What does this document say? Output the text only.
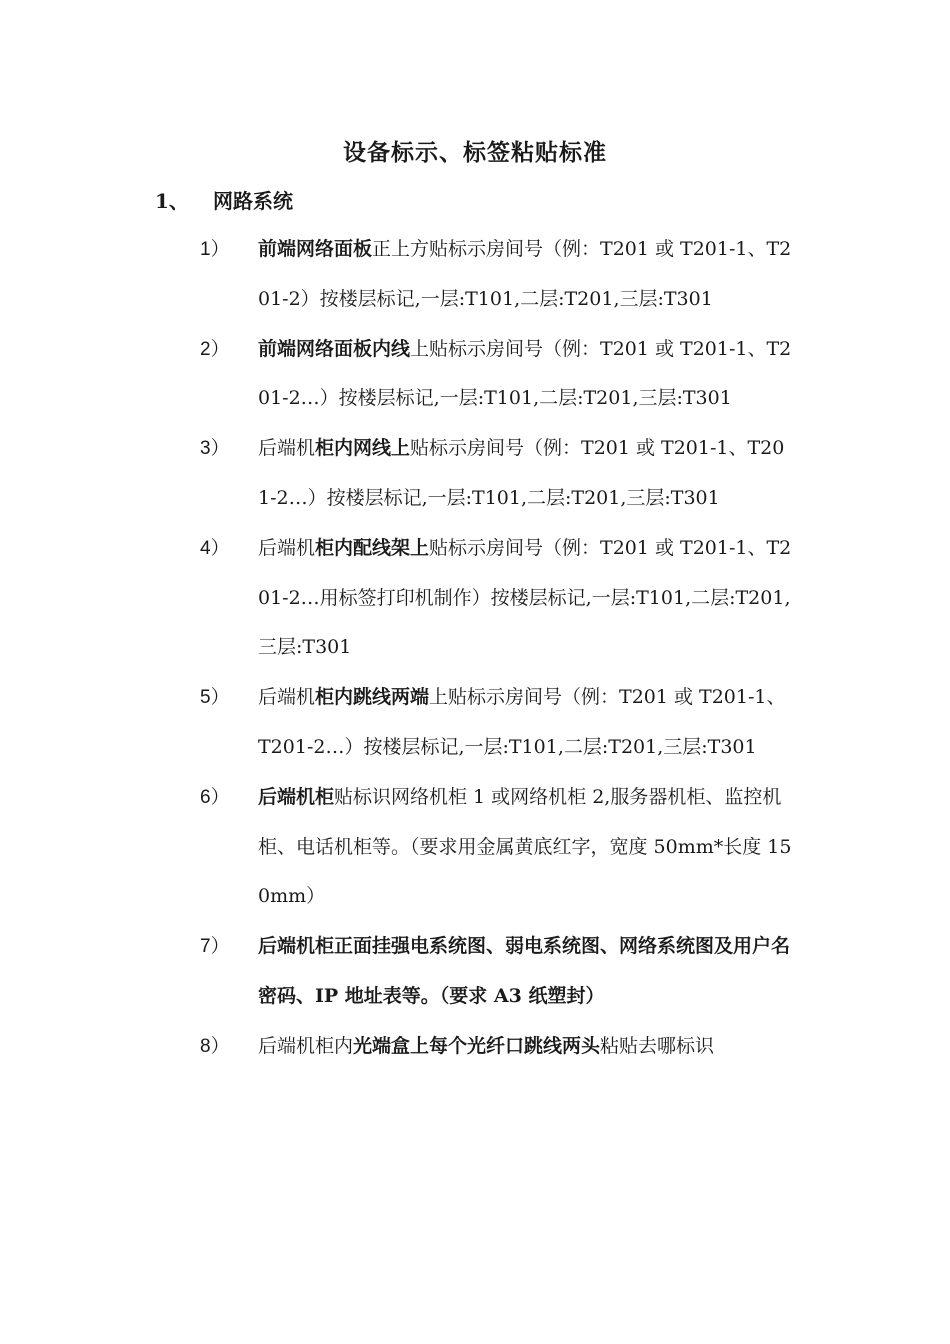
设备标示、标签粘贴标准
1、	网路系统
1）	前端网络面板正上方贴标示房间号（例：T201 或 T201-1、T201-2）按楼层标记,一层:T101,二层:T201,三层:T301
2）	前端网络面板内线上贴标示房间号（例：T201 或 T201-1、T201-2…）按楼层标记,一层:T101,二层:T201,三层:T301
3）	后端机柜内网线上贴标示房间号（例：T201 或 T201-1、T201-2…）按楼层标记,一层:T101,二层:T201,三层:T301
4）	后端机柜内配线架上贴标示房间号（例：T201 或 T201-1、T201-2…用标签打印机制作）按楼层标记,一层:T101,二层:T201,三层:T301
5）	后端机柜内跳线两端上贴标示房间号（例：T201 或 T201-1、T201-2…）按楼层标记,一层:T101,二层:T201,三层:T301
6）	后端机柜贴标识网络机柜 1 或网络机柜 2,服务器机柜、监控机柜、电话机柜等。（要求用金属黄底红字，宽度 50mm*长度 150mm）
7）	后端机柜正面挂强电系统图、弱电系统图、网络系统图及用户名密码、IP 地址表等。（要求 A3 纸塑封）
8）	后端机柜内光端盒上每个光纤口跳线两头粘贴去哪标识
